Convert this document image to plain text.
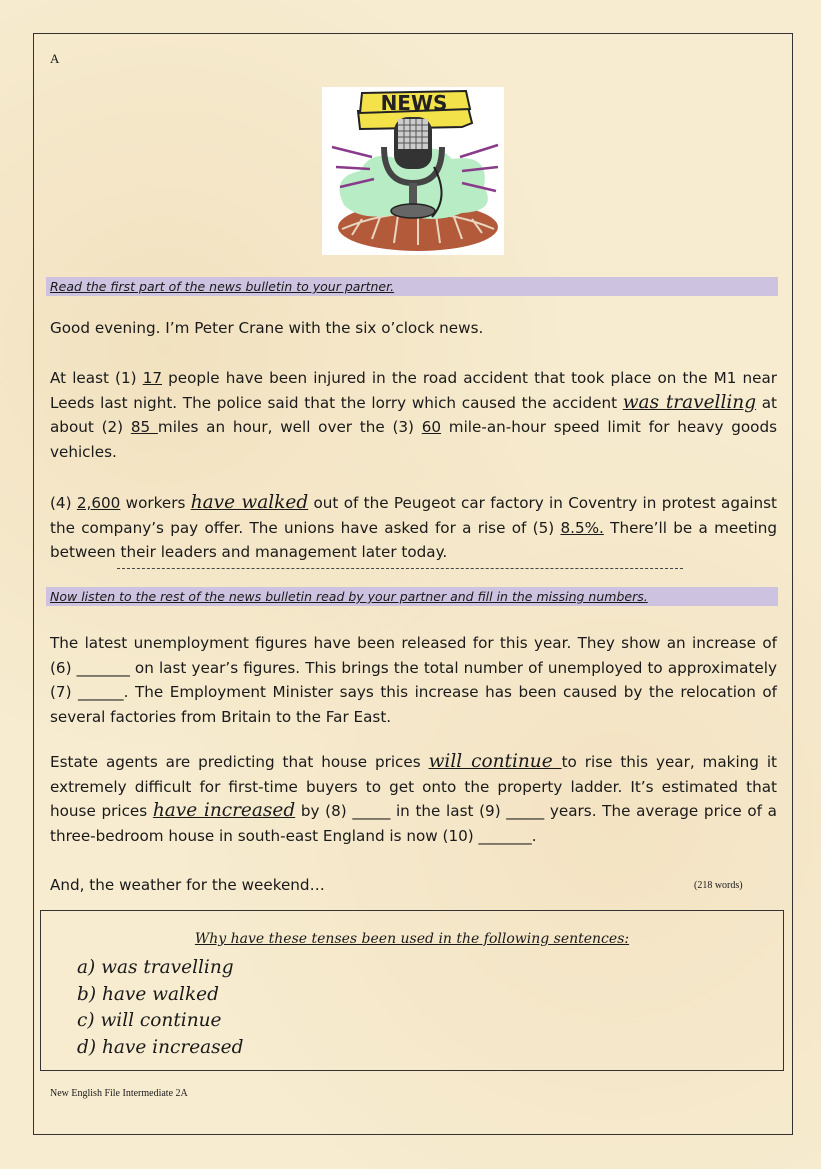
A
NEWS
Read the first part of the news bulletin to your partner.
Good evening. I’m Peter Crane with the six o’clock news.
At least (1) 17 people have been injured in the road accident that took place on the M1 near Leeds last night. The police said that the lorry which caused the accident was travelling at about (2) 85 miles an hour, well over the (3) 60 mile-an-hour speed limit for heavy goods vehicles.
(4) 2,600 workers have walked out of the Peugeot car factory in Coventry in protest against the company’s pay offer. The unions have asked for a rise of (5) 8.5%. There’ll be a meeting between their leaders and management later today.
Now listen to the rest of the news bulletin read by your partner and fill in the missing numbers.
The latest unemployment figures have been released for this year. They show an increase of (6) _______ on last year’s figures. This brings the total number of unemployed to approximately (7) ______. The Employment Minister says this increase has been caused by the relocation of several factories from Britain to the Far East.
Estate agents are predicting that house prices will continue to rise this year, making it extremely difficult for first-time buyers to get onto the property ladder. It’s estimated that house prices have increased by (8) _____ in the last (9) _____ years. The average price of a three-bedroom house in south-east England is now (10) _______.
And, the weather for the weekend…	(218 words)
Why have these tenses been used in the following sentences:
a) was travelling
b) have walked
c) will continue
d) have increased
New English File Intermediate 2A
